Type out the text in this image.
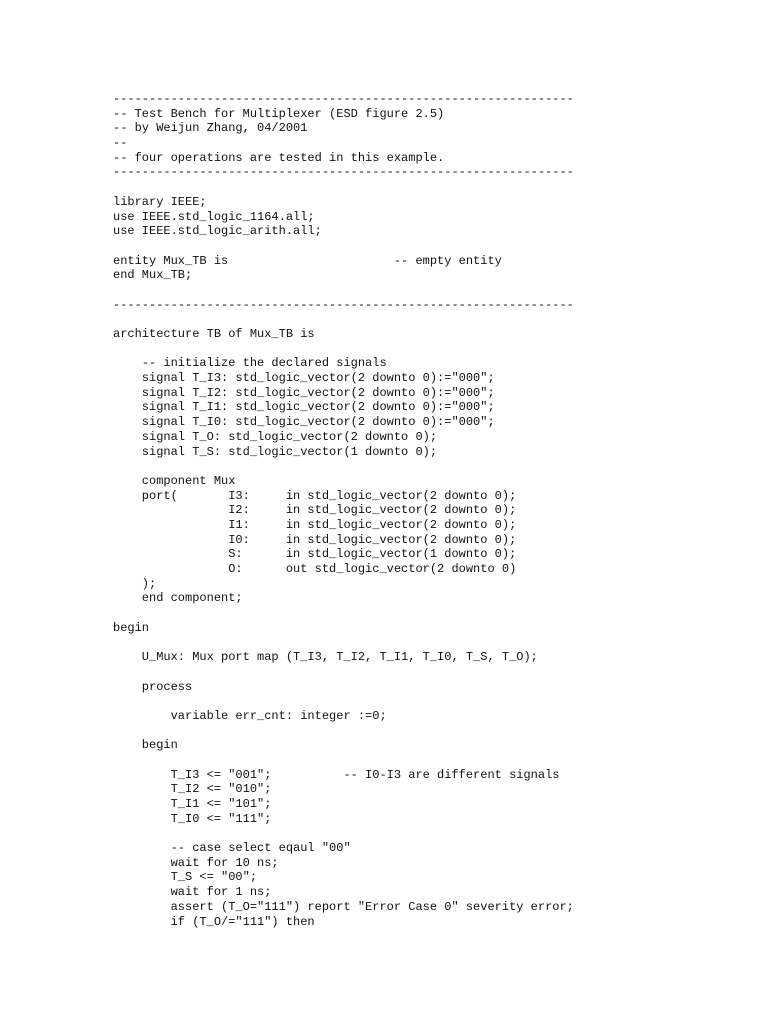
----------------------------------------------------------------
-- Test Bench for Multiplexer (ESD figure 2.5)
-- by Weijun Zhang, 04/2001
--
-- four operations are tested in this example.
----------------------------------------------------------------
library IEEE;
use IEEE.std_logic_1164.all;
use IEEE.std_logic_arith.all;
entity Mux_TB is                       -- empty entity
end Mux_TB;
----------------------------------------------------------------
architecture TB of Mux_TB is
-- initialize the declared signals
signal T_I3: std_logic_vector(2 downto 0):="000";
signal T_I2: std_logic_vector(2 downto 0):="000";
signal T_I1: std_logic_vector(2 downto 0):="000";
signal T_I0: std_logic_vector(2 downto 0):="000";
signal T_O: std_logic_vector(2 downto 0);
signal T_S: std_logic_vector(1 downto 0);
component Mux
port(       I3:     in std_logic_vector(2 downto 0);
I2:     in std_logic_vector(2 downto 0);
I1:     in std_logic_vector(2 downto 0);
I0:     in std_logic_vector(2 downto 0);
S:      in std_logic_vector(1 downto 0);
O:      out std_logic_vector(2 downto 0)
);
end component;
begin
U_Mux: Mux port map (T_I3, T_I2, T_I1, T_I0, T_S, T_O);
process
variable err_cnt: integer :=0;
begin
T_I3 <= "001";          -- I0-I3 are different signals
T_I2 <= "010";
T_I1 <= "101";
T_I0 <= "111";
-- case select eqaul "00"
wait for 10 ns;
T_S <= "00";
wait for 1 ns;
assert (T_O="111") report "Error Case 0" severity error;
if (T_O/="111") then
